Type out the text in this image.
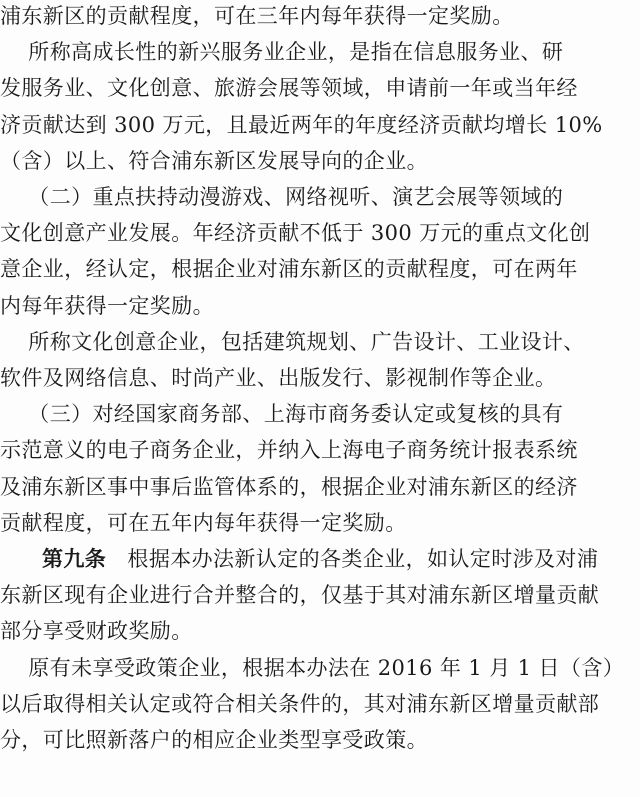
浦东新区的贡献程度，可在三年内每年获得一定奖励。
所称高成长性的新兴服务业企业，是指在信息服务业、研
发服务业、文化创意、旅游会展等领域，申请前一年或当年经
济贡献达到 300 万元，且最近两年的年度经济贡献均增长 10%
（含）以上、符合浦东新区发展导向的企业。
（二）重点扶持动漫游戏、网络视听、演艺会展等领域的
文化创意产业发展。年经济贡献不低于 300 万元的重点文化创
意企业，经认定，根据企业对浦东新区的贡献程度，可在两年
内每年获得一定奖励。
所称文化创意企业，包括建筑规划、广告设计、工业设计、
软件及网络信息、时尚产业、出版发行、影视制作等企业。
（三）对经国家商务部、上海市商务委认定或复核的具有
示范意义的电子商务企业，并纳入上海电子商务统计报表系统
及浦东新区事中事后监管体系的，根据企业对浦东新区的经济
贡献程度，可在五年内每年获得一定奖励。
第九条   根据本办法新认定的各类企业，如认定时涉及对浦
东新区现有企业进行合并整合的，仅基于其对浦东新区增量贡献
部分享受财政奖励。
原有未享受政策企业，根据本办法在 2016 年 1 月 1 日（含）
以后取得相关认定或符合相关条件的，其对浦东新区增量贡献部
分，可比照新落户的相应企业类型享受政策。
